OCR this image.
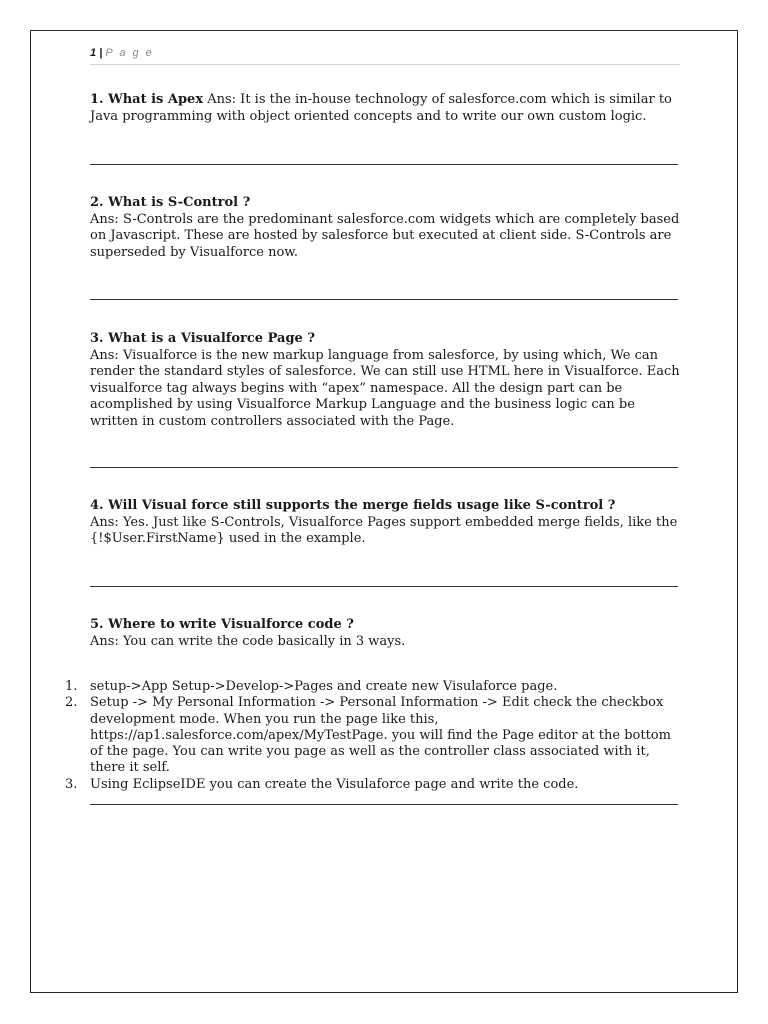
1 | P a g e
1. What is Apex Ans: It is the in-house technology of salesforce.com which is similar to Java programming with object oriented concepts and to write our own custom logic.
2. What is S-Control ?
Ans: S-Controls are the predominant salesforce.com widgets which are completely based on Javascript. These are hosted by salesforce but executed at client side. S-Controls are superseded by Visualforce now.
3. What is a Visualforce Page ?
Ans: Visualforce is the new markup language from salesforce, by using which, We can render the standard styles of salesforce. We can still use HTML here in Visualforce. Each visualforce tag always begins with “apex” namespace. All the design part can be acomplished by using Visualforce Markup Language and the business logic can be written in custom controllers associated with the Page.
4. Will Visual force still supports the merge fields usage like S-control ?
Ans: Yes. Just like S-Controls, Visualforce Pages support embedded merge fields, like the {!$User.FirstName} used in the example.
5. Where to write Visualforce code ?
Ans: You can write the code basically in 3 ways.
1. setup->App Setup->Develop->Pages and create new Visulaforce page.
2. Setup -> My Personal Information -> Personal Information -> Edit check the checkbox development mode. When you run the page like this, https://ap1.salesforce.com/apex/MyTestPage. you will find the Page editor at the bottom of the page. You can write you page as well as the controller class associated with it, there it self.
3. Using EclipseIDE you can create the Visulaforce page and write the code.
